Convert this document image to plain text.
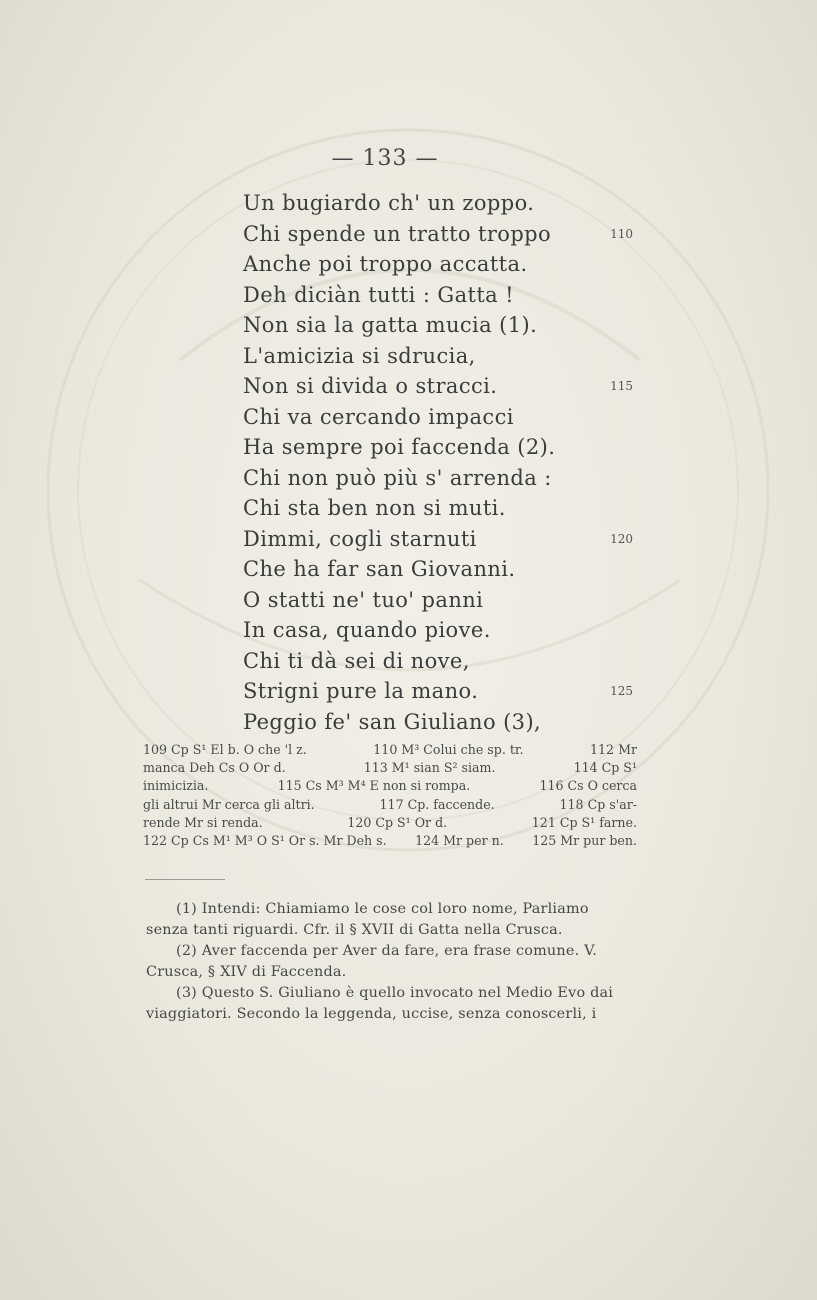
— 133 —
Un bugiardo ch' un zoppo.
Chi spende un tratto troppo
Anche poi troppo accatta.
Deh diciàn tutti : Gatta !
Non sia la gatta mucia (1).
L'amicizia si sdrucia,
Non si divida o stracci.
Chi va cercando impacci
Ha sempre poi faccenda (2).
Chi non può più s' arrenda :
Chi sta ben non si muti.
Dimmi, cogli starnuti
Che ha far san Giovanni.
O statti ne' tuo' panni
In casa, quando piove.
Chi ti dà sei di nove,
Strigni pure la mano.
Peggio fe' san Giuliano (3),
110
115
120
125
109 Cp S¹ El b. O che 'l z.	110 M³ Colui che sp. tr.	112 Mr
manca Deh Cs O Or d.	113 M¹ sian S² siam.	114 Cp S¹
inimicizia.	115 Cs M³ M⁴ E non si rompa.	116 Cs O cerca
gli altrui Mr cerca gli altri.	117 Cp. faccende.	118 Cp s'ar-
rende Mr si renda.	120 Cp S¹ Or d.	121 Cp S¹ farne.
122 Cp Cs M¹ M³ O S¹ Or s. Mr Deh s. 124 Mr per n. 125 Mr pur ben.
(1) Intendi: Chiamiamo le cose col loro nome, Parliamo
senza tanti riguardi. Cfr. il § XVII di Gatta nella Crusca.
(2) Aver faccenda per Aver da fare, era frase comune. V.
Crusca, § XIV di Faccenda.
(3) Questo S. Giuliano è quello invocato nel Medio Evo dai
viaggiatori. Secondo la leggenda, uccise, senza conoscerli, i
